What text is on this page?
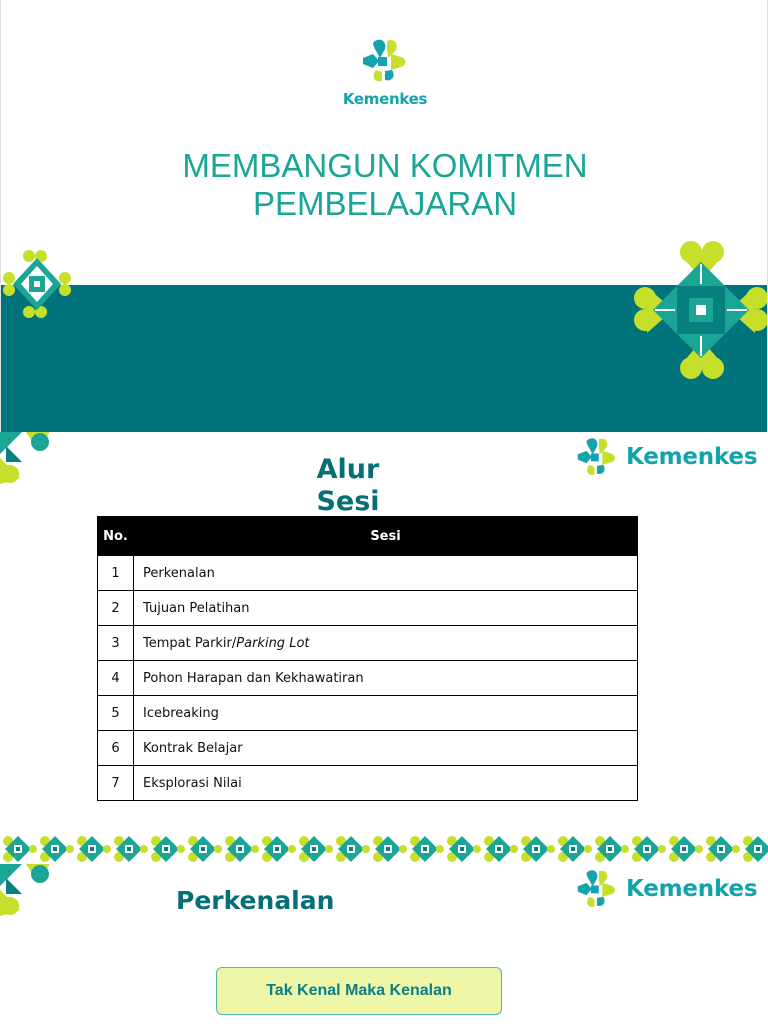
Kemenkes
MEMBANGUN KOMITMEN
PEMBELAJARAN
Kemenkes
Alur
Sesi
No.	Sesi
1	Perkenalan
2	Tujuan Pelatihan
3	Tempat Parkir/Parking Lot
4	Pohon Harapan dan Kekhawatiran
5	Icebreaking
6	Kontrak Belajar
7	Eksplorasi Nilai
Kemenkes
Perkenalan
Tak Kenal Maka Kenalan
